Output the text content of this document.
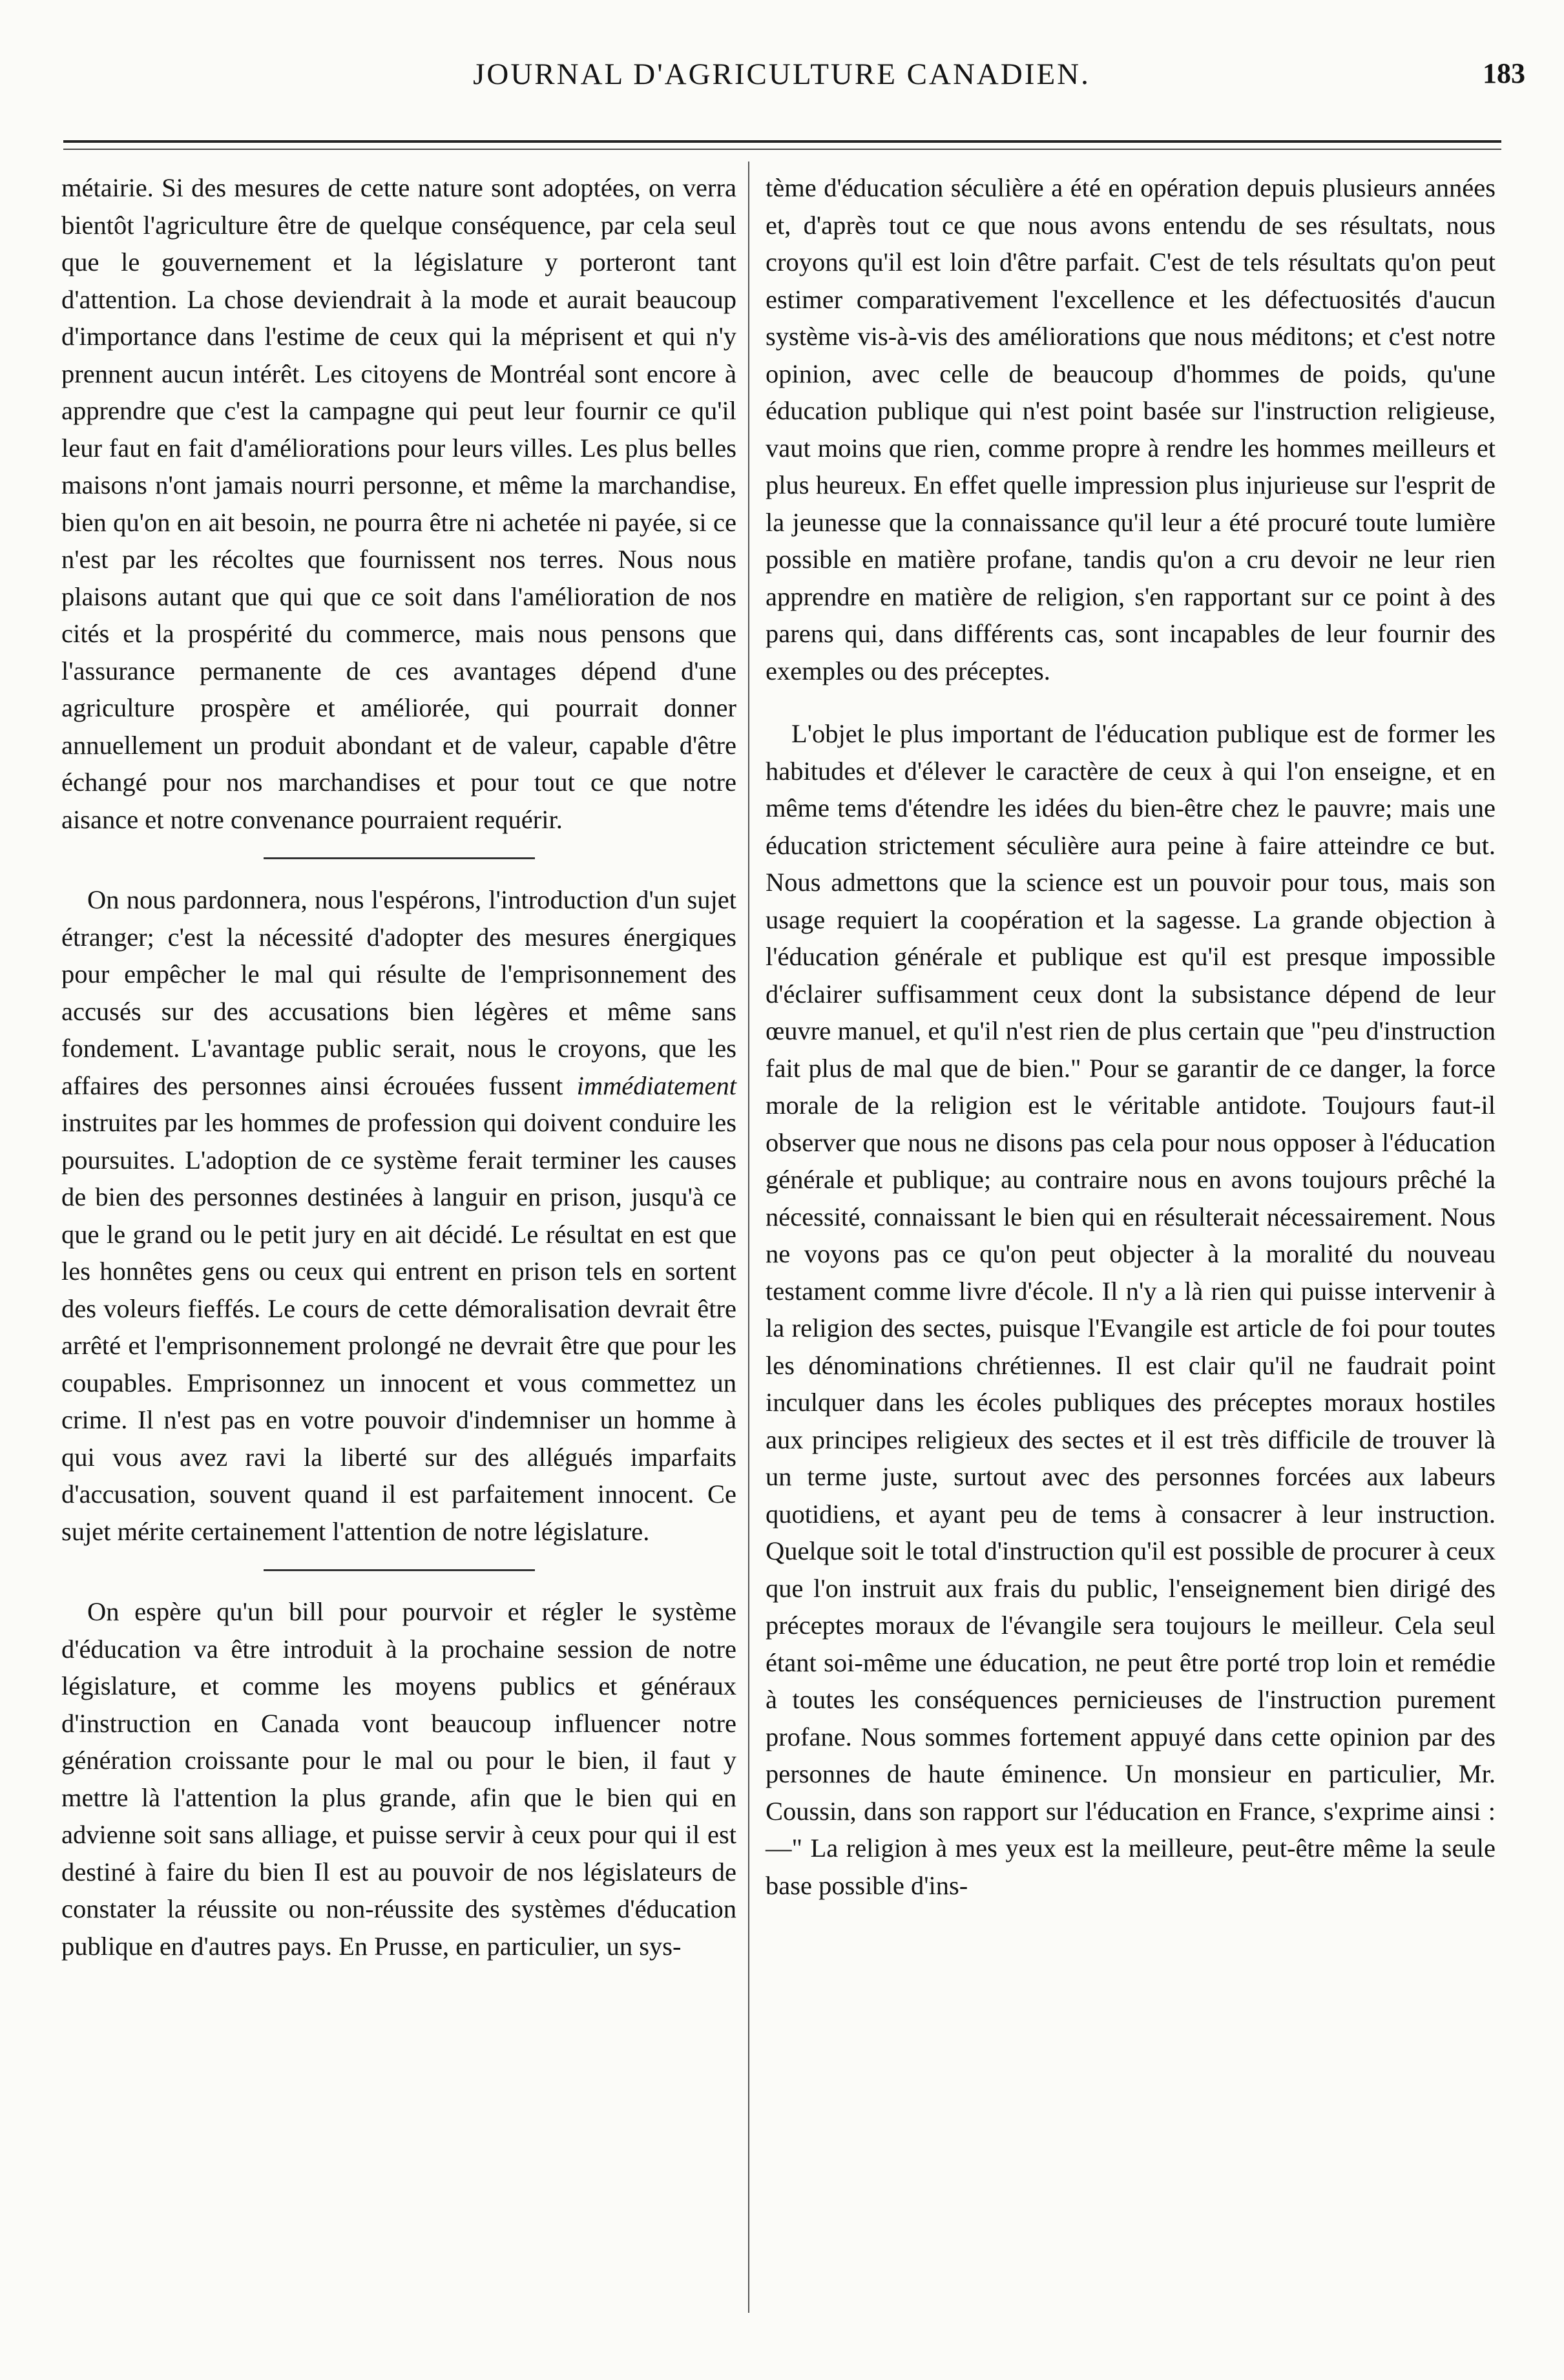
JOURNAL D'AGRICULTURE CANADIEN.	183

métairie. Si des mesures de cette nature sont adoptées, on verra bientôt l'agriculture être de quelque conséquence, par cela seul que le gouvernement et la législature y porteront tant d'attention. La chose deviendrait à la mode et aurait beaucoup d'importance dans l'estime de ceux qui la méprisent et qui n'y prennent aucun intérêt. Les citoyens de Montréal sont encore à apprendre que c'est la campagne qui peut leur fournir ce qu'il leur faut en fait d'améliorations pour leurs villes. Les plus belles maisons n'ont jamais nourri personne, et même la marchandise, bien qu'on en ait besoin, ne pourra être ni achetée ni payée, si ce n'est par les récoltes que fournissent nos terres. Nous nous plaisons autant que qui que ce soit dans l'amélioration de nos cités et la prospérité du commerce, mais nous pensons que l'assurance permanente de ces avantages dépend d'une agriculture prospère et améliorée, qui pourrait donner annuellement un produit abondant et de valeur, capable d'être échangé pour nos marchandises et pour tout ce que notre aisance et notre convenance pourraient requérir.

On nous pardonnera, nous l'espérons, l'introduction d'un sujet étranger; c'est la nécessité d'adopter des mesures énergiques pour empêcher le mal qui résulte de l'emprisonnement des accusés sur des accusations bien légères et même sans fondement. L'avantage public serait, nous le croyons, que les affaires des personnes ainsi écrouées fussent immédiatement instruites par les hommes de profession qui doivent conduire les poursuites. L'adoption de ce système ferait terminer les causes de bien des personnes destinées à languir en prison, jusqu'à ce que le grand ou le petit jury en ait décidé. Le résultat en est que les honnêtes gens ou ceux qui entrent en prison tels en sortent des voleurs fieffés. Le cours de cette démoralisation devrait être arrêté et l'emprisonnement prolongé ne devrait être que pour les coupables. Emprisonnez un innocent et vous commettez un crime. Il n'est pas en votre pouvoir d'indemniser un homme à qui vous avez ravi la liberté sur des allégués imparfaits d'accusation, souvent quand il est parfaitement innocent. Ce sujet mérite certainement l'attention de notre législature.

On espère qu'un bill pour pourvoir et régler le système d'éducation va être introduit à la prochaine session de notre législature, et comme les moyens publics et généraux d'instruction en Canada vont beaucoup influencer notre génération croissante pour le mal ou pour le bien, il faut y mettre là l'attention la plus grande, afin que le bien qui en advienne soit sans alliage, et puisse servir à ceux pour qui il est destiné à faire du bien Il est au pouvoir de nos législateurs de constater la réussite ou non-réussite des systèmes d'éducation publique en d'autres pays. En Prusse, en particulier, un sys-

tème d'éducation séculière a été en opération depuis plusieurs années et, d'après tout ce que nous avons entendu de ses résultats, nous croyons qu'il est loin d'être parfait. C'est de tels résultats qu'on peut estimer comparativement l'excellence et les défectuosités d'aucun système vis-à-vis des améliorations que nous méditons; et c'est notre opinion, avec celle de beaucoup d'hommes de poids, qu'une éducation publique qui n'est point basée sur l'instruction religieuse, vaut moins que rien, comme propre à rendre les hommes meilleurs et plus heureux. En effet quelle impression plus injurieuse sur l'esprit de la jeunesse que la connaissance qu'il leur a été procuré toute lumière possible en matière profane, tandis qu'on a cru devoir ne leur rien apprendre en matière de religion, s'en rapportant sur ce point à des parens qui, dans différents cas, sont incapables de leur fournir des exemples ou des préceptes.

L'objet le plus important de l'éducation publique est de former les habitudes et d'élever le caractère de ceux à qui l'on enseigne, et en même tems d'étendre les idées du bien-être chez le pauvre; mais une éducation strictement séculière aura peine à faire atteindre ce but. Nous admettons que la science est un pouvoir pour tous, mais son usage requiert la coopération et la sagesse. La grande objection à l'éducation générale et publique est qu'il est presque impossible d'éclairer suffisamment ceux dont la subsistance dépend de leur œuvre manuel, et qu'il n'est rien de plus certain que "peu d'instruction fait plus de mal que de bien." Pour se garantir de ce danger, la force morale de la religion est le véritable antidote. Toujours faut-il observer que nous ne disons pas cela pour nous opposer à l'éducation générale et publique; au contraire nous en avons toujours prêché la nécessité, connaissant le bien qui en résulterait nécessairement. Nous ne voyons pas ce qu'on peut objecter à la moralité du nouveau testament comme livre d'école. Il n'y a là rien qui puisse intervenir à la religion des sectes, puisque l'Evangile est article de foi pour toutes les dénominations chrétiennes. Il est clair qu'il ne faudrait point inculquer dans les écoles publiques des préceptes moraux hostiles aux principes religieux des sectes et il est très difficile de trouver là un terme juste, surtout avec des personnes forcées aux labeurs quotidiens, et ayant peu de tems à consacrer à leur instruction. Quelque soit le total d'instruction qu'il est possible de procurer à ceux que l'on instruit aux frais du public, l'enseignement bien dirigé des préceptes moraux de l'évangile sera toujours le meilleur. Cela seul étant soi-même une éducation, ne peut être porté trop loin et remédie à toutes les conséquences pernicieuses de l'instruction purement profane. Nous sommes fortement appuyé dans cette opinion par des personnes de haute éminence. Un monsieur en particulier, Mr. Coussin, dans son rapport sur l'éducation en France, s'exprime ainsi :—" La religion à mes yeux est la meilleure, peut-être même la seule base possible d'ins-
